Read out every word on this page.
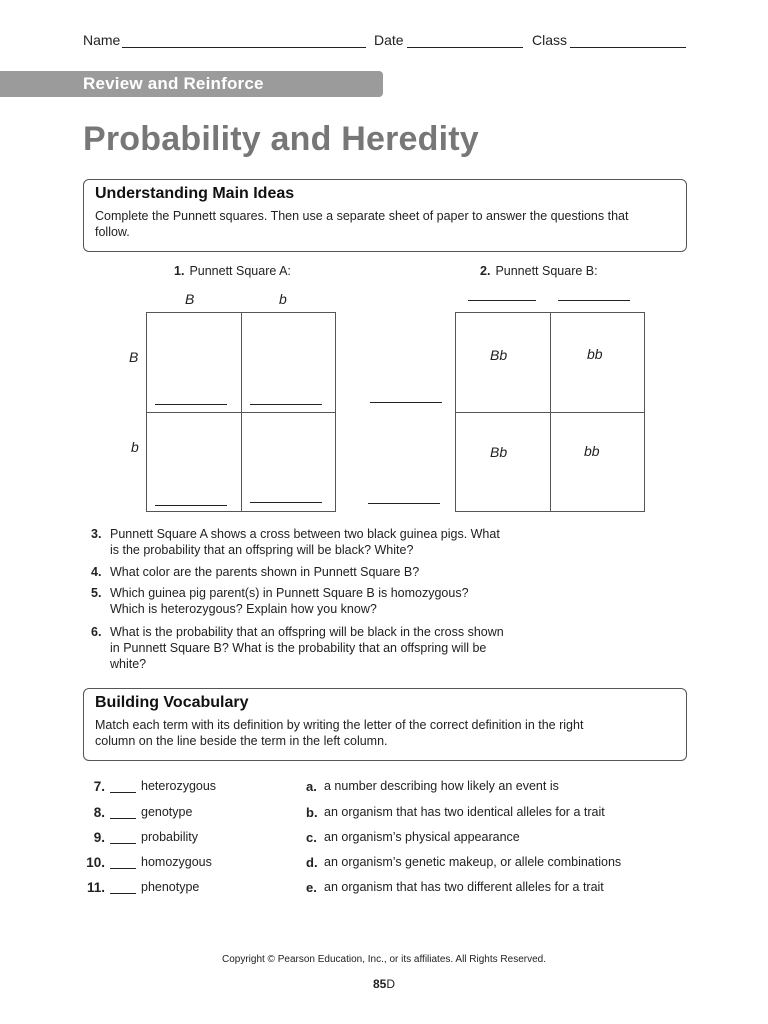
Name	Date	Class
Review and Reinforce
Probability and Heredity
Understanding Main Ideas
Complete the Punnett squares. Then use a separate sheet of paper to answer the questions that follow.
1. Punnett Square A:
B	b
B
b
2. Punnett Square B:
Bb	bb
Bb	bb
3. Punnett Square A shows a cross between two black guinea pigs. What is the probability that an offspring will be black? White?
4. What color are the parents shown in Punnett Square B?
5. Which guinea pig parent(s) in Punnett Square B is homozygous? Which is heterozygous? Explain how you know?
6. What is the probability that an offspring will be black in the cross shown in Punnett Square B? What is the probability that an offspring will be white?
Building Vocabulary
Match each term with its definition by writing the letter of the correct definition in the right column on the line beside the term in the left column.
7.	heterozygous	a. a number describing how likely an event is
8.	genotype	b. an organism that has two identical alleles for a trait
9.	probability	c. an organism’s physical appearance
10.	homozygous	d. an organism’s genetic makeup, or allele combinations
11.	phenotype	e. an organism that has two different alleles for a trait
Copyright © Pearson Education, Inc., or its affiliates. All Rights Reserved.
85D
